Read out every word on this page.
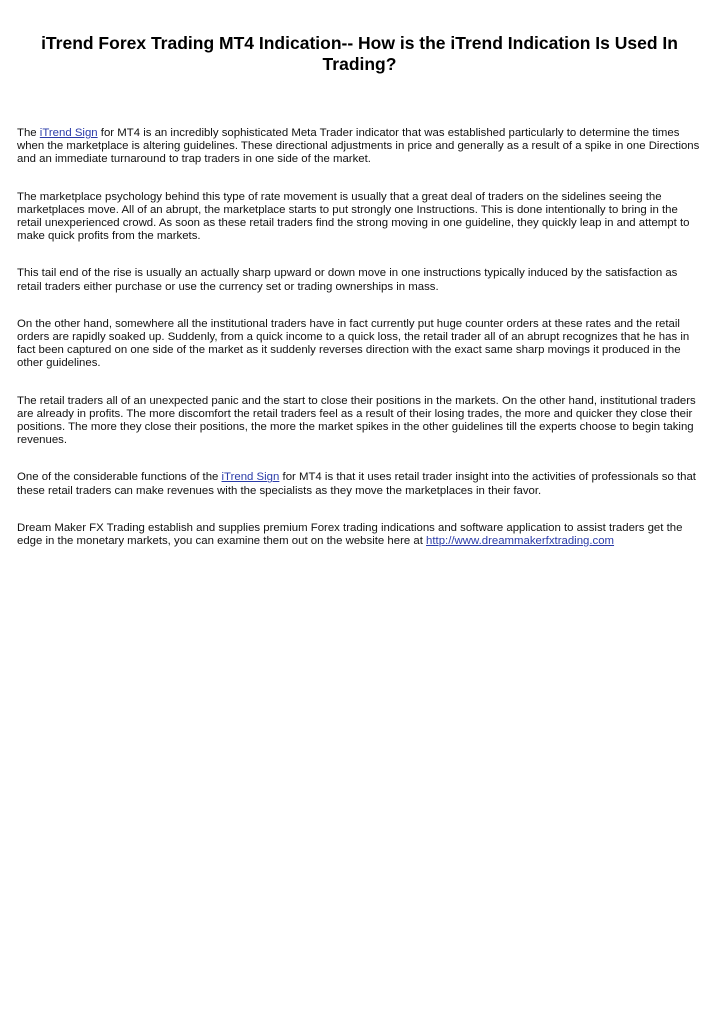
iTrend Forex Trading MT4 Indication-- How is the iTrend Indication Is Used In Trading?

The iTrend Sign for MT4 is an incredibly sophisticated Meta Trader indicator that was established particularly to determine the times when the marketplace is altering guidelines. These directional adjustments in price and generally as a result of a spike in one Directions and an immediate turnaround to trap traders in one side of the market.

The marketplace psychology behind this type of rate movement is usually that a great deal of traders on the sidelines seeing the marketplaces move. All of an abrupt, the marketplace starts to put strongly one Instructions. This is done intentionally to bring in the retail unexperienced crowd. As soon as these retail traders find the strong moving in one guideline, they quickly leap in and attempt to make quick profits from the markets.

This tail end of the rise is usually an actually sharp upward or down move in one instructions typically induced by the satisfaction as retail traders either purchase or use the currency set or trading ownerships in mass.

On the other hand, somewhere all the institutional traders have in fact currently put huge counter orders at these rates and the retail orders are rapidly soaked up. Suddenly, from a quick income to a quick loss, the retail trader all of an abrupt recognizes that he has in fact been captured on one side of the market as it suddenly reverses direction with the exact same sharp movings it produced in the other guidelines.

The retail traders all of an unexpected panic and the start to close their positions in the markets. On the other hand, institutional traders are already in profits. The more discomfort the retail traders feel as a result of their losing trades, the more and quicker they close their positions. The more they close their positions, the more the market spikes in the other guidelines till the experts choose to begin taking revenues.

One of the considerable functions of the iTrend Sign for MT4 is that it uses retail trader insight into the activities of professionals so that these retail traders can make revenues with the specialists as they move the marketplaces in their favor.

Dream Maker FX Trading establish and supplies premium Forex trading indications and software application to assist traders get the edge in the monetary markets, you can examine them out on the website here at http://www.dreammakerfxtrading.com
